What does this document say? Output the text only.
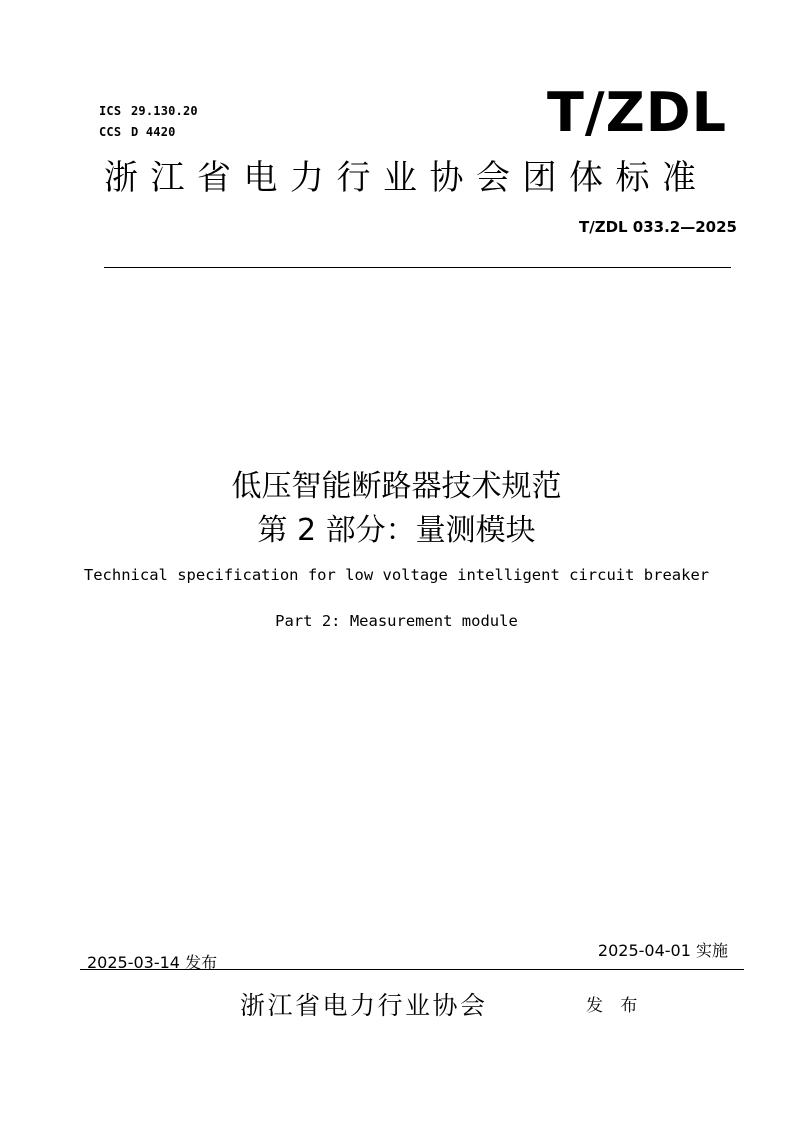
ICS 29.130.20
CCS D 4420	T/ZDL
浙江省电力行业协会团体标准
T/ZDL 033.2—2025
低压智能断路器技术规范
第 2 部分：量测模块
Technical specification for low voltage intelligent circuit breaker
Part 2: Measurement module
2025-03-14 发布
2025-04-01 实施
浙江省电力行业协会	发 布
